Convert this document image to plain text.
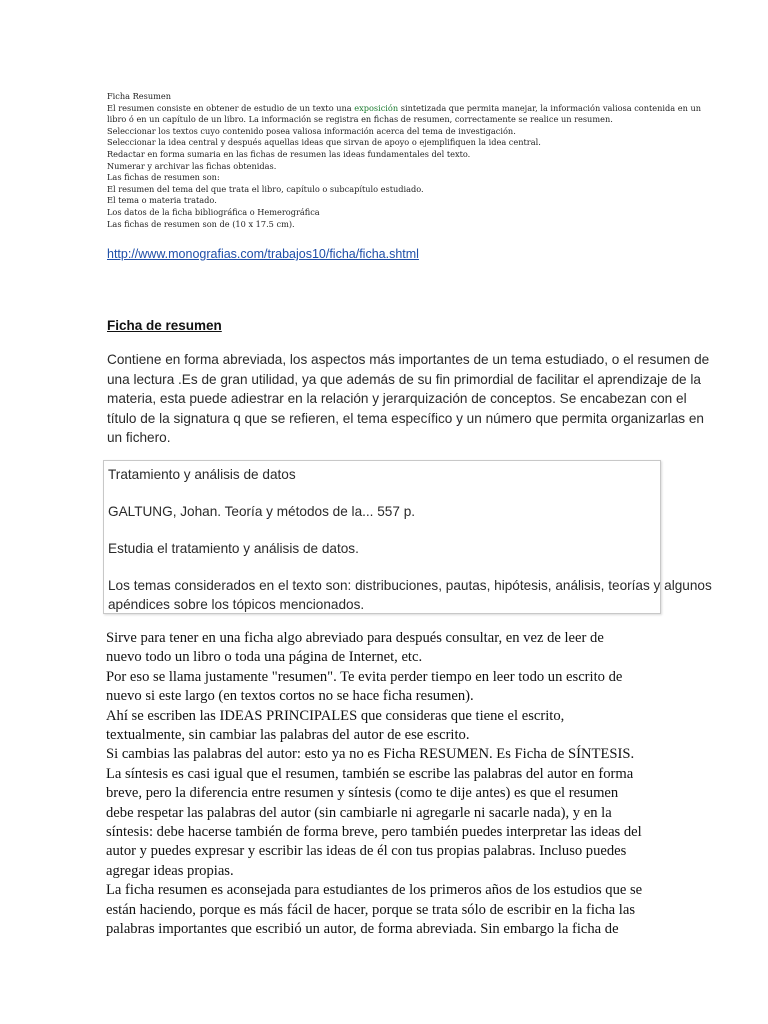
Ficha Resumen
El resumen consiste en obtener de estudio de un texto una exposición sintetizada que permita manejar, la información valiosa contenida en un
libro ó en un capítulo de un libro. La información se registra en fichas de resumen, correctamente se realice un resumen.
Seleccionar los textos cuyo contenido posea valiosa información acerca del tema de investigación.
Seleccionar la idea central y después aquellas ideas que sirvan de apoyo o ejemplifiquen la idea central.
Redactar en forma sumaria en las fichas de resumen las ideas fundamentales del texto.
Numerar y archivar las fichas obtenidas.
Las fichas de resumen son:
El resumen del tema del que trata el libro, capítulo o subcapítulo estudiado.
El tema o materia tratado.
Los datos de la ficha bibliográfica o Hemerográfica
Las fichas de resumen son de (10 x 17.5 cm).
http://www.monografias.com/trabajos10/ficha/ficha.shtml
Ficha de resumen
Contiene en forma abreviada, los aspectos más importantes de un tema estudiado, o el resumen de
una lectura .Es de gran utilidad, ya que además de su fin primordial de facilitar el aprendizaje de la
materia, esta puede adiestrar en la relación y jerarquización de conceptos. Se encabezan con el
título de la signatura q que se refieren, el tema específico y un número que permita organizarlas en
un fichero.

Tratamiento y análisis de datos

GALTUNG, Johan. Teoría y métodos de la... 557 p.

Estudia el tratamiento y análisis de datos.

Los temas considerados en el texto son: distribuciones, pautas, hipótesis, análisis, teorías y algunos

apéndices sobre los tópicos mencionados.

Sirve para tener en una ficha algo abreviado para después consultar, en vez de leer de
nuevo todo un libro o toda una página de Internet, etc.
Por eso se llama justamente "resumen". Te evita perder tiempo en leer todo un escrito de
nuevo si este largo (en textos cortos no se hace ficha resumen).
Ahí se escriben las IDEAS PRINCIPALES que consideras que tiene el escrito,
textualmente, sin cambiar las palabras del autor de ese escrito.
Si cambias las palabras del autor: esto ya no es Ficha RESUMEN. Es Ficha de SÍNTESIS.
La síntesis es casi igual que el resumen, también se escribe las palabras del autor en forma
breve, pero la diferencia entre resumen y síntesis (como te dije antes) es que el resumen
debe respetar las palabras del autor (sin cambiarle ni agregarle ni sacarle nada), y en la
síntesis: debe hacerse también de forma breve, pero también puedes interpretar las ideas del
autor y puedes expresar y escribir las ideas de él con tus propias palabras. Incluso puedes
agregar ideas propias.
La ficha resumen es aconsejada para estudiantes de los primeros años de los estudios que se
están haciendo, porque es más fácil de hacer, porque se trata sólo de escribir en la ficha las
palabras importantes que escribió un autor, de forma abreviada. Sin embargo la ficha de
